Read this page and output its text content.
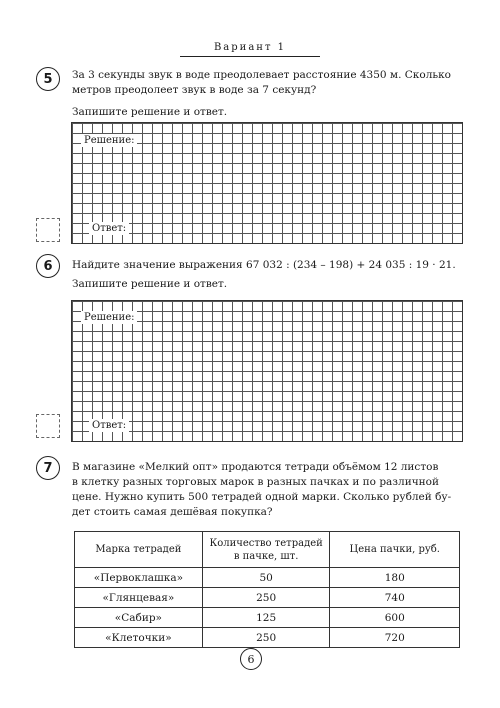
Вариант 1
5	За 3 секунды звук в воде преодолевает расстояние 4350 м. Сколько
метров преодолеет звук в воде за 7 секунд?
Запишите решение и ответ.
Решение:
Ответ:
6	Найдите значение выражения 67 032 : (234 – 198) + 24 035 : 19 · 21.
Запишите решение и ответ.
Решение:
Ответ:
7	В магазине «Мелкий опт» продаются тетради объёмом 12 листов
в клетку разных торговых марок в разных пачках и по различной
цене. Нужно купить 500 тетрадей одной марки. Сколько рублей бу-
дет стоить самая дешёвая покупка?
Марка тетрадей	Количество тетрадей в пачке, шт.	Цена пачки, руб.
«Первоклашка»	50	180
«Глянцевая»	250	740
«Сабир»	125	600
«Клеточки»	250	720
6
